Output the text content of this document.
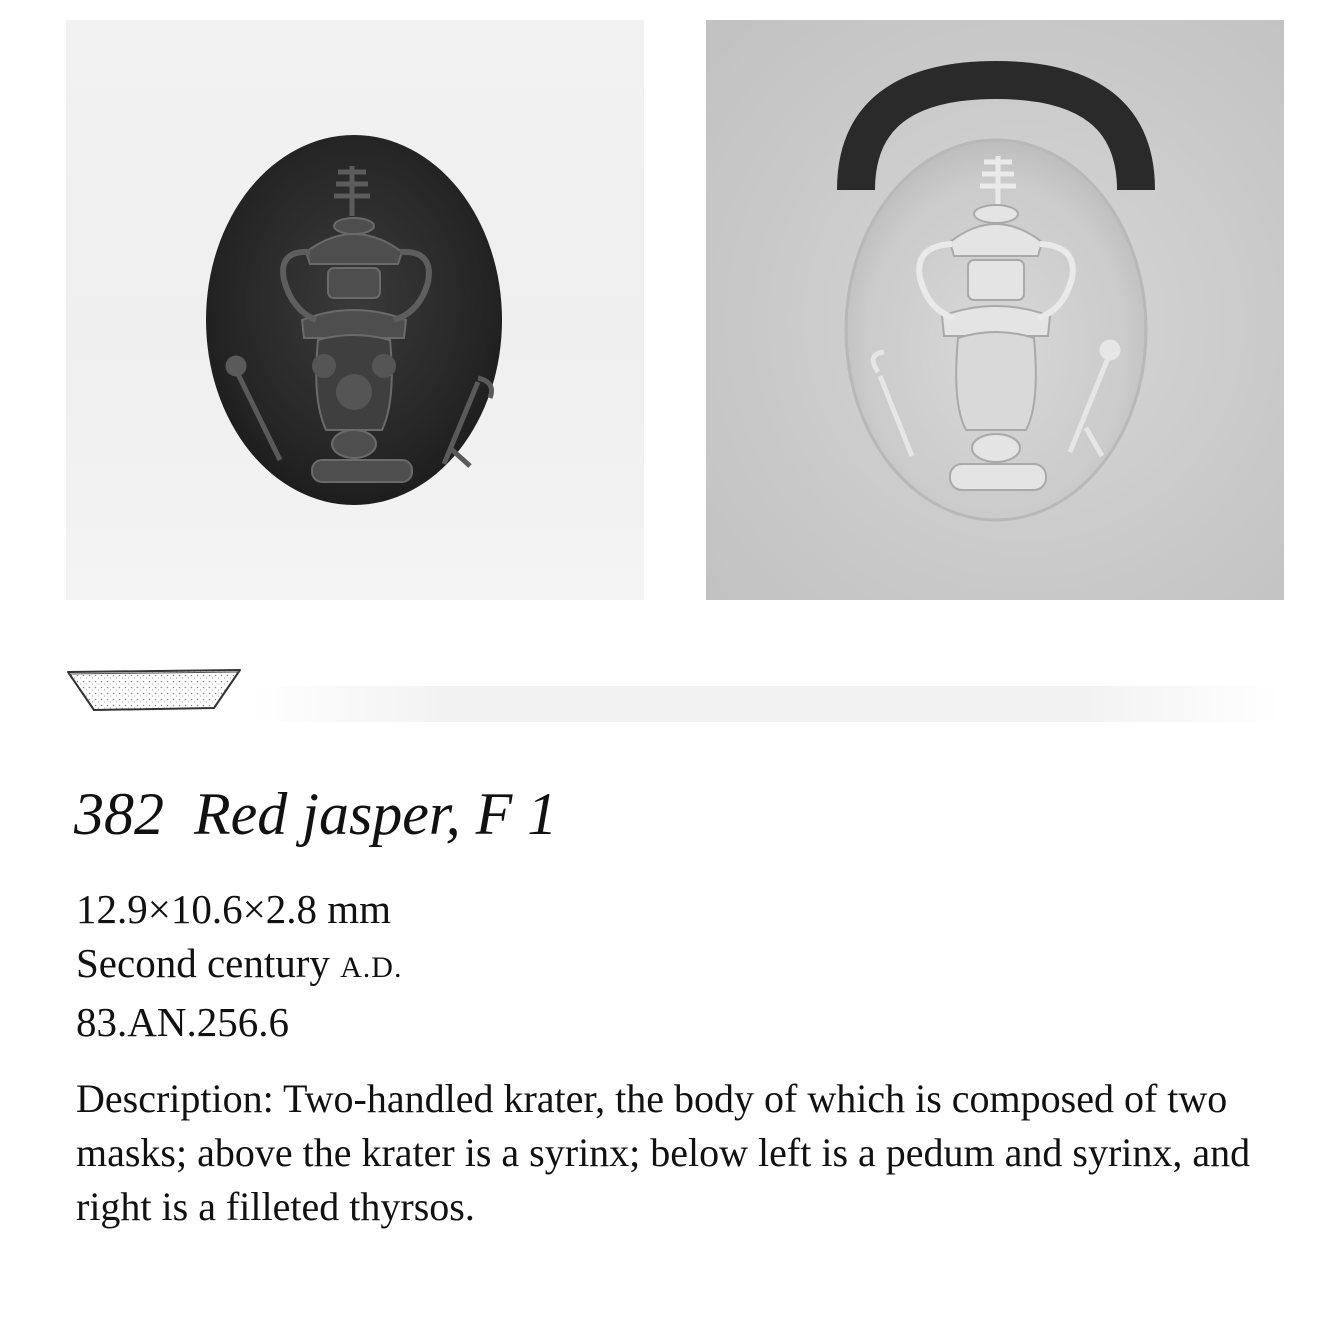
382 Red jasper, F 1
12.9×10.6×2.8 mm
Second century A.D.
83.AN.256.6

Description: Two-handled krater, the body of which is composed of two masks; above the krater is a syrinx; below left is a pedum and syrinx, and right is a filleted thyrsos.
